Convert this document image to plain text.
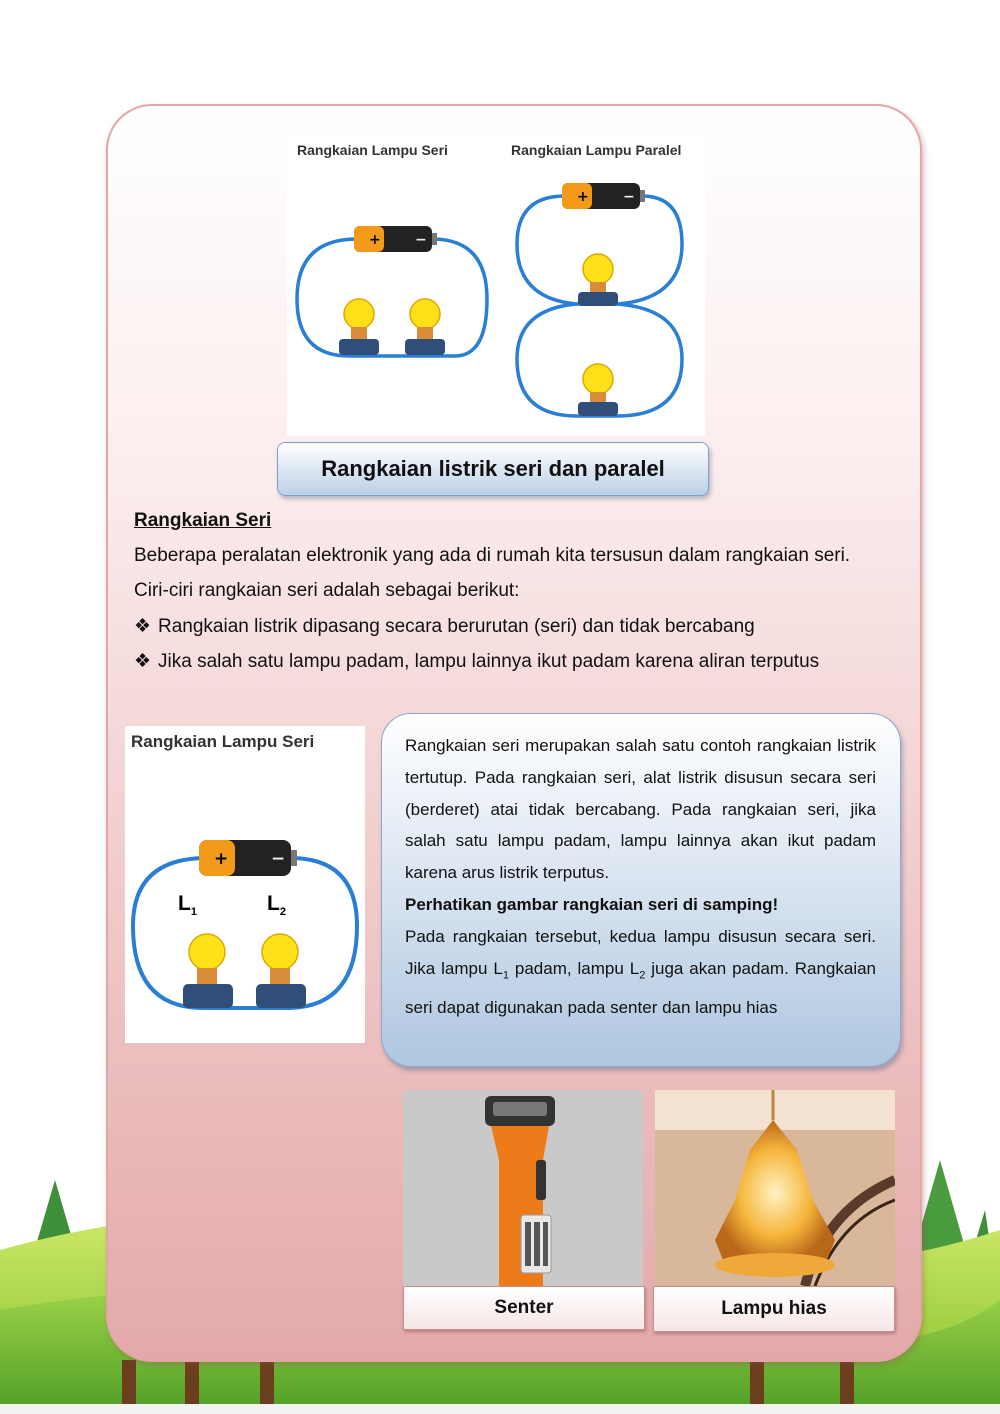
Rangkaian Lampu Seri	Rangkaian Lampu Paralel
+ −
+ −
Rangkaian listrik seri dan paralel
Rangkaian Seri
Beberapa peralatan elektronik yang ada di rumah kita tersusun dalam rangkaian seri.
Ciri-ciri rangkaian seri adalah sebagai berikut:
❖ Rangkaian listrik dipasang secara berurutan (seri) dan tidak bercabang
❖ Jika salah satu lampu padam, lampu lainnya ikut padam karena aliran terputus
Rangkaian Lampu Seri
+	−
$L_1$	$L_2$

Rangkaian seri merupakan salah satu contoh rangkaian listrik tertutup. Pada rangkaian seri, alat listrik disusun secara seri (berderet) atai tidak bercabang. Pada rangkaian seri, jika salah satu lampu padam, lampu lainnya akan ikut padam karena arus listrik terputus.

Perhatikan gambar rangkaian seri di samping!

Pada rangkaian tersebut, kedua lampu disusun secara seri. Jika lampu $L_1$ padam, lampu $L_2$ juga akan padam. Rangkaian seri dapat digunakan pada senter dan lampu hias

Senter	Lampu hias
